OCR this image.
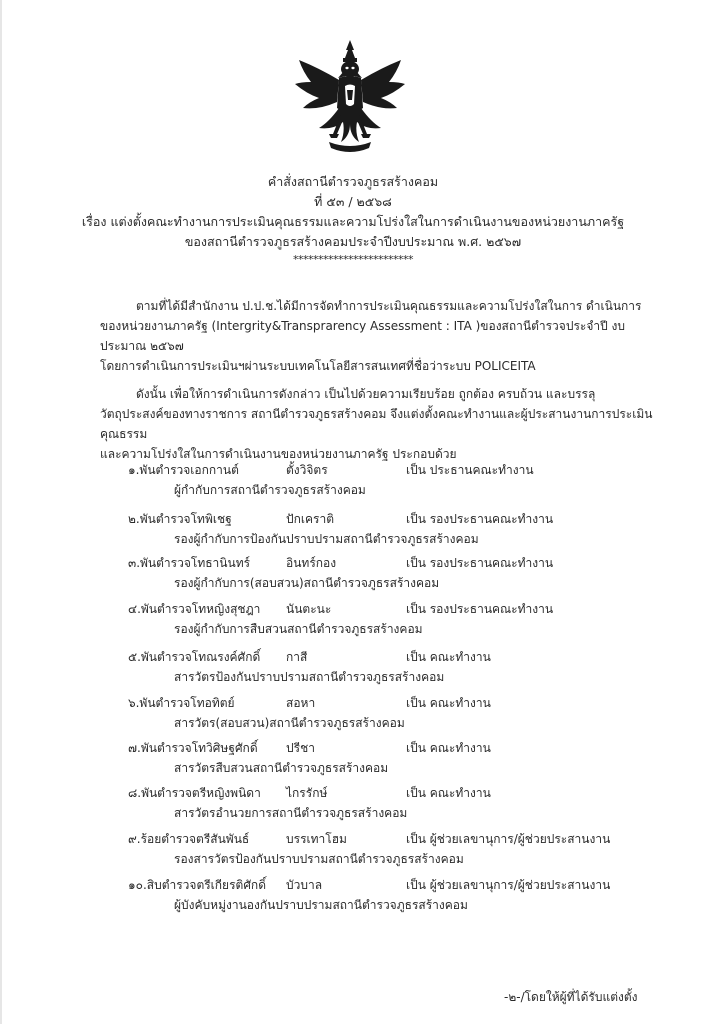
คำสั่งสถานีตำรวจภูธรสร้างคอม
ที่ ๕๓ / ๒๕๖๘
เรื่อง แต่งตั้งคณะทำงานการประเมินคุณธรรมและความโปร่งใสในการดำเนินงานของหน่วยงานภาครัฐ
ของสถานีตำรวจภูธรสร้างคอมประจำปีงบประมาณ พ.ศ. ๒๕๖๗
************************
ตามที่ได้มีสำนักงาน ป.ป.ช.ได้มีการจัดทำการประเมินคุณธรรมและความโปร่งใสในการ ดำเนินการ
ของหน่วยงานภาครัฐ (Intergrity&Transprarency Assessment : ITA )ของสถานีตำรวจประจำปี งบประมาณ ๒๕๖๗
โดยการดำเนินการประเมินฯผ่านระบบเทคโนโลยีสารสนเทศที่ชื่อว่าระบบ POLICEITA
ดังนั้น เพื่อให้การดำเนินการดังกล่าว เป็นไปด้วยความเรียบร้อย ถูกต้อง ครบถ้วน และบรรลุ
วัตถุประสงค์ของทางราชการ สถานีตำรวจภูธรสร้างคอม จึงแต่งตั้งคณะทำงานและผู้ประสานงานการประเมินคุณธรรม
และความโปร่งใสในการดำเนินงานของหน่วยงานภาครัฐ ประกอบด้วย
๑.พันตำรวจเอกกานต์	ตั้งวิจิตร	เป็น ประธานคณะทำงาน
ผู้กำกับการสถานีตำรวจภูธรสร้างคอม
๒.พันตำรวจโทพิเชฐ	ปักเคราติ	เป็น รองประธานคณะทำงาน
รองผู้กำกับการป้องกันปราบปรามสถานีตำรวจภูธรสร้างคอม
๓.พันตำรวจโทธานินทร์	อินทร์กอง	เป็น รองประธานคณะทำงาน
รองผู้กำกับการ(สอบสวน)สถานีตำรวจภูธรสร้างคอม
๔.พันตำรวจโทหญิงสุชฎา นันตะนะ	เป็น รองประธานคณะทำงาน
รองผู้กำกับการสืบสวนสถานีตำรวจภูธรสร้างคอม
๕.พันตำรวจโทณรงค์ศักดิ์ กาสี	เป็น คณะทำงาน
สารวัตรป้องกันปราบปรามสถานีตำรวจภูธรสร้างคอม
๖.พันตำรวจโทอทิตย์	สอหา	เป็น คณะทำงาน
สารวัตร(สอบสวน)สถานีตำรวจภูธรสร้างคอม
๗.พันตำรวจโทวิศิษฐศักดิ์ ปรีชา	เป็น คณะทำงาน
สารวัตรสืบสวนสถานีตำรวจภูธรสร้างคอม
๘.พันตำรวจตรีหญิงพนิดา ไกรรักษ์	เป็น คณะทำงาน
สารวัตรอำนวยการสถานีตำรวจภูธรสร้างคอม
๙.ร้อยตำรวจตรีสันพันธ์	บรรเทาโฮม	เป็น ผู้ช่วยเลขานุการ/ผู้ช่วยประสานงาน
รองสารวัตรป้องกันปราบปรามสถานีตำรวจภูธรสร้างคอม
๑๐.สิบตำรวจตรีเกียรติศักดิ์ บัวบาล	เป็น ผู้ช่วยเลขานุการ/ผู้ช่วยประสานงาน
ผู้บังคับหมู่งานองกันปราบปรามสถานีตำรวจภูธรสร้างคอม
-๒-/โดยให้ผู้ที่ได้รับแต่งตั้ง
